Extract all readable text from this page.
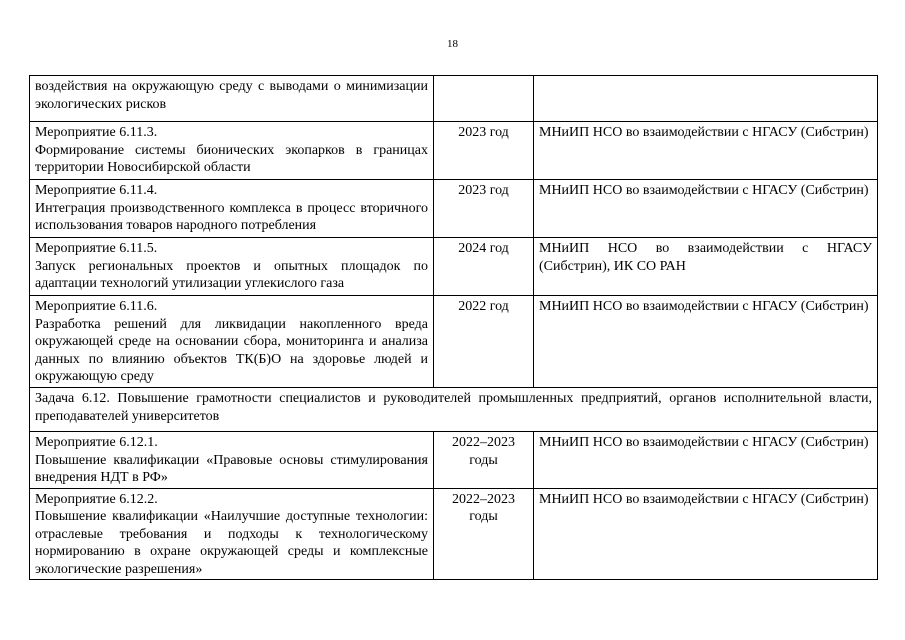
18
воздействия на окружающую среду с выводами о минимизации экологических рисков		

Мероприятие 6.11.3.
Формирование системы бионических экопарков в границах территории Новосибирской области	2023 год	МНиИП НСО во взаимодействии с НГАСУ (Сибстрин)

Мероприятие 6.11.4.
Интеграция производственного комплекса в процесс вторичного использования товаров народного потребления	2023 год	МНиИП НСО во взаимодействии с НГАСУ (Сибстрин)

Мероприятие 6.11.5.
Запуск региональных проектов и опытных площадок по адаптации технологий утилизации углекислого газа	2024 год	МНиИП НСО во взаимодействии с НГАСУ (Сибстрин), ИК СО РАН

Мероприятие 6.11.6.
Разработка решений для ликвидации накопленного вреда окружающей среде на основании сбора, мониторинга и анализа данных по влиянию объектов ТК(Б)О на здоровье людей и окружающую среду	2022 год	МНиИП НСО во взаимодействии с НГАСУ (Сибстрин)
Задача 6.12. Повышение грамотности специалистов и руководителей промышленных предприятий, органов исполнительной власти, преподавателей университетов		

Мероприятие 6.12.1.
Повышение квалификации «Правовые основы стимулирования внедрения НДТ в РФ»	2022–2023 годы	МНиИП НСО во взаимодействии с НГАСУ (Сибстрин)

Мероприятие 6.12.2.
Повышение квалификации «Наилучшие доступные технологии: отраслевые требования и подходы к технологическому нормированию в охране окружающей среды и комплексные экологические разрешения»	2022–2023 годы	МНиИП НСО во взаимодействии с НГАСУ (Сибстрин)
